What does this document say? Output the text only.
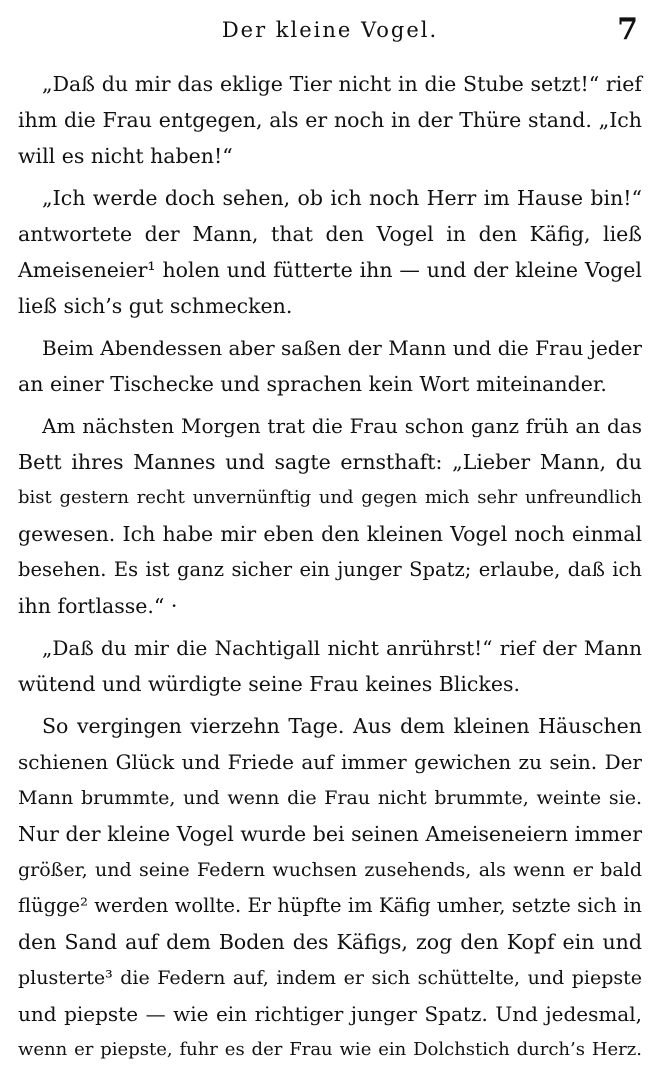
Der kleine Vogel.	7
„Daß du mir das eklige Tier nicht in die Stube setzt!“ rief
ihm die Frau entgegen, als er noch in der Thüre stand. „Ich
will es nicht haben!“
„Ich werde doch sehen, ob ich noch Herr im Hause bin!“
antwortete der Mann, that den Vogel in den Käfig, ließ
Ameiseneier¹ holen und fütterte ihn — und der kleine Vogel
ließ sich’s gut schmecken.
Beim Abendessen aber saßen der Mann und die Frau jeder
an einer Tischecke und sprachen kein Wort miteinander.
Am nächsten Morgen trat die Frau schon ganz früh an das
Bett ihres Mannes und sagte ernsthaft: „Lieber Mann, du
bist gestern recht unvernünftig und gegen mich sehr unfreundlich
gewesen. Ich habe mir eben den kleinen Vogel noch einmal
besehen. Es ist ganz sicher ein junger Spatz; erlaube, daß ich
ihn fortlasse.“ ·
„Daß du mir die Nachtigall nicht anrührst!“ rief der Mann
wütend und würdigte seine Frau keines Blickes.
So vergingen vierzehn Tage. Aus dem kleinen Häuschen
schienen Glück und Friede auf immer gewichen zu sein. Der
Mann brummte, und wenn die Frau nicht brummte, weinte sie.
Nur der kleine Vogel wurde bei seinen Ameiseneiern immer
größer, und seine Federn wuchsen zusehends, als wenn er bald
flügge² werden wollte. Er hüpfte im Käfig umher, setzte sich in
den Sand auf dem Boden des Käfigs, zog den Kopf ein und
plusterte³ die Federn auf, indem er sich schüttelte, und piepste
und piepste — wie ein richtiger junger Spatz. Und jedesmal,
wenn er piepste, fuhr es der Frau wie ein Dolchstich durch’s Herz.
